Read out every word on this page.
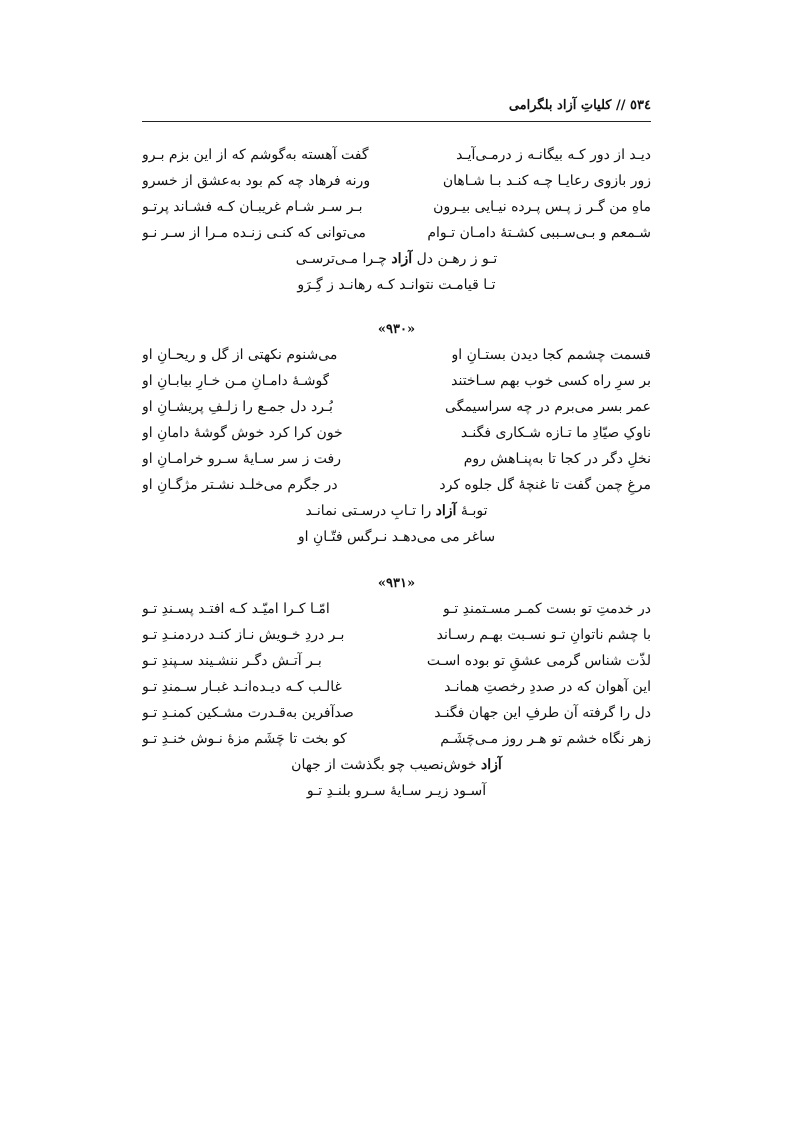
٥٣٤ // کلیاتِ آزاد بلگرامی
دیـد از دور کـه بیگانـه ز درمـی‌آیـد
گفت آهسته به‌گوشم که از این بزم بـرو
زور بازوی رعایـا چـه کنـد بـا شـاهان
ورنه فرهاد چه کم بود به‌عشق از خسرو
ماهِ من گـر ز پـس پـرده نیـایی بیـرون
بـر سـر شـام غریبـان کـه فشـاند پرتـو
شـمعم و بـی‌سـببی کشـتهٔ دامـان تـوام
می‌توانی که کنـی زنـده مـرا از سـر نـو
تـو ز رهـن دل آزاد چـرا مـی‌ترسـی
تـا قیامـت نتوانـد کـه رهانـد ز گِـرَو
«۹۳۰»
قسمت چشمم کجا دیدن بستـانِ او
می‌شنوم نکهتی از گل و ریحـانِ او
بر سرِ راه کسی خوب بهم سـاختند
گوشـهٔ دامـانِ مـن خـارِ بیابـانِ او
عمر بسر می‌برم در چه سراسیمگی
بُـرد دل جمـع را زلـفِ پریشـانِ او
ناوکِ صیّادِ ما تـازه شـکاری فگنـد
خون کرا کرد خوش گوشهٔ دامانِ او
نخلِ دگر در کجا تا به‌پنـاهش روم
رفت ز سر سـایهٔ سـرو خرامـانِ او
مرغِ چمن گفت تا غنچهٔ گل جلوه کرد
در جگرم می‌خلـد نشـتر مژگـانِ او
توبـهٔ آزاد را تـابِ درسـتی نمانـد
ساغر می می‌دهـد نـرگس فتّـانِ او
«۹۳۱»
در خدمتِ تو بست کمـر مسـتمندِ تـو
امّـا کـرا امیّـد کـه افتـد پسـندِ تـو
با چشم ناتوانِ تـو نسـبت بهـم رسـاند
بـر دردِ خـویش نـاز کنـد دردمنـدِ تـو
لذّت شناس گرمی عشقِ تو بوده اسـت
بـر آتـش دگـر ننشـیند سـپندِ تـو
این آهوان که در صددِ رخصتِ همانـد
غالـب کـه دیـده‌انـد غبـار سـمندِ تـو
دل را گرفته آن طرفِ این جهان فگنـد
صدآفرین به‌قـدرت مشـکین کمنـدِ تـو
زهر نگاه خشم تو هـر روز مـی‌چَشَـم
کو بخت تا چَشَم مزهٔ نـوش خنـدِ تـو
آزاد خوش‌نصیب چو بگذشت از جهان
آسـود زیـر سـایهٔ سـرو بلنـدِ تـو
